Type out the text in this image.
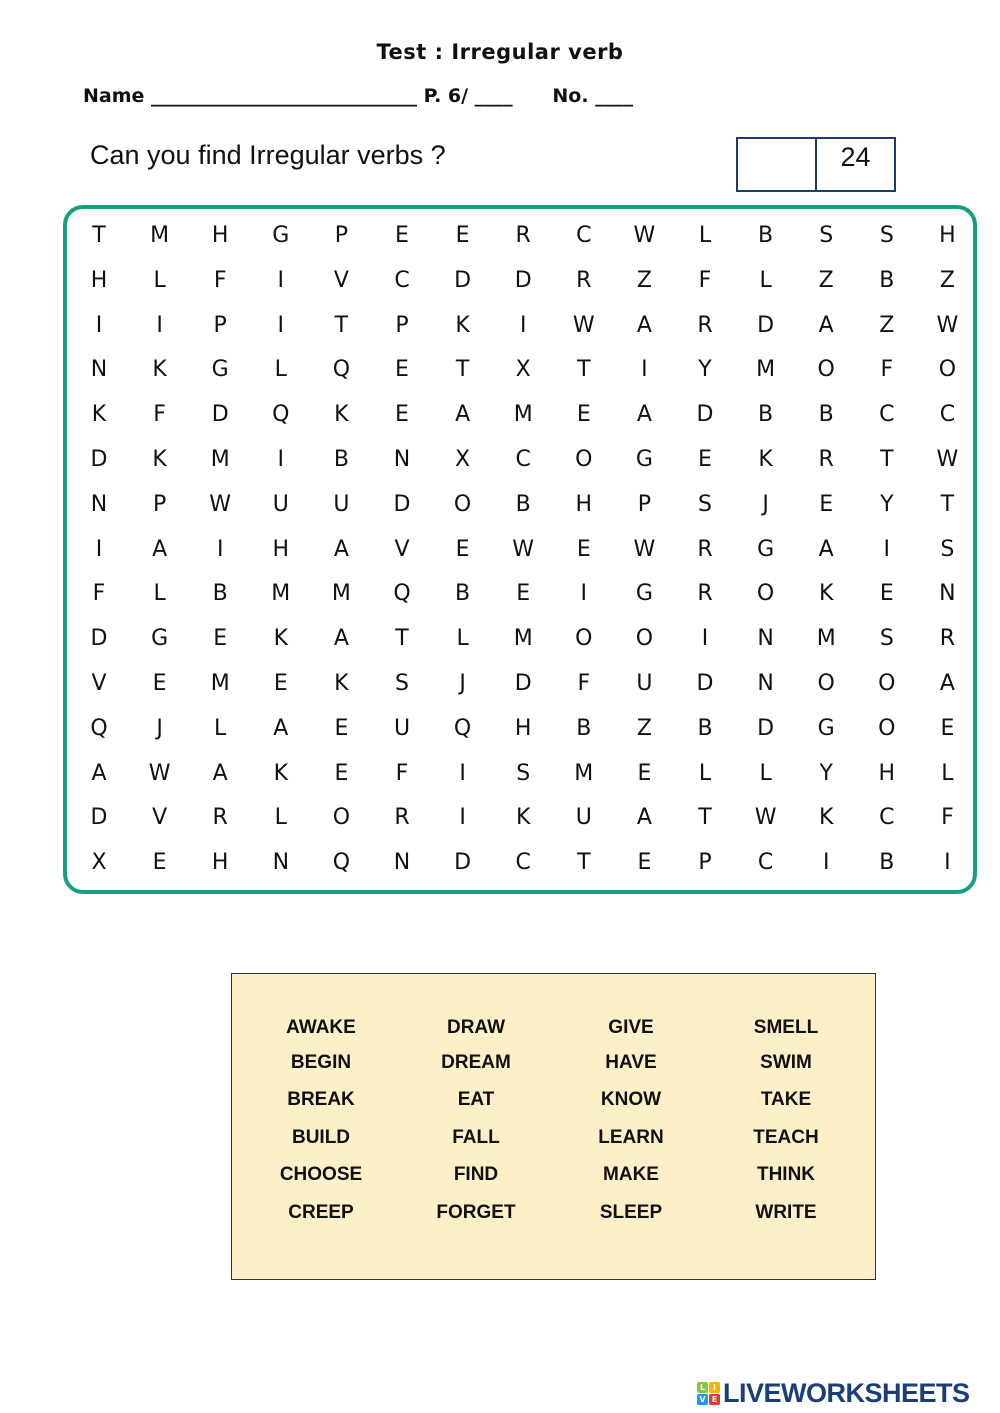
Test : Irregular verb
Name ____________________________ P. 6/ ____      No. ____
Can you find Irregular verbs ?	24
T	M	H	G	P	E	E	R	C	W	L	B	S	S	H
H	L	F	I	V	C	D	D	R	Z	F	L	Z	B	Z
I	I	P	I	T	P	K	I	W	A	R	D	A	Z	W
N	K	G	L	Q	E	T	X	T	I	Y	M	O	F	O
K	F	D	Q	K	E	A	M	E	A	D	B	B	C	C
D	K	M	I	B	N	X	C	O	G	E	K	R	T	W
N	P	W	U	U	D	O	B	H	P	S	J	E	Y	T
I	A	I	H	A	V	E	W	E	W	R	G	A	I	S
F	L	B	M	M	Q	B	E	I	G	R	O	K	E	N
D	G	E	K	A	T	L	M	O	O	I	N	M	S	R
V	E	M	E	K	S	J	D	F	U	D	N	O	O	A
Q	J	L	A	E	U	Q	H	B	Z	B	D	G	O	E
A	W	A	K	E	F	I	S	M	E	L	L	Y	H	L
D	V	R	L	O	R	I	K	U	A	T	W	K	C	F
X	E	H	N	Q	N	D	C	T	E	P	C	I	B	I
AWAKE	DRAW	GIVE	SMELL
BEGIN	DREAM	HAVE	SWIM
BREAK	EAT	KNOW	TAKE
BUILD	FALL	LEARN	TEACH
CHOOSE	FIND	MAKE	THINK
CREEP	FORGET	SLEEP	WRITE
L I
V E LIVEWORKSHEETS
